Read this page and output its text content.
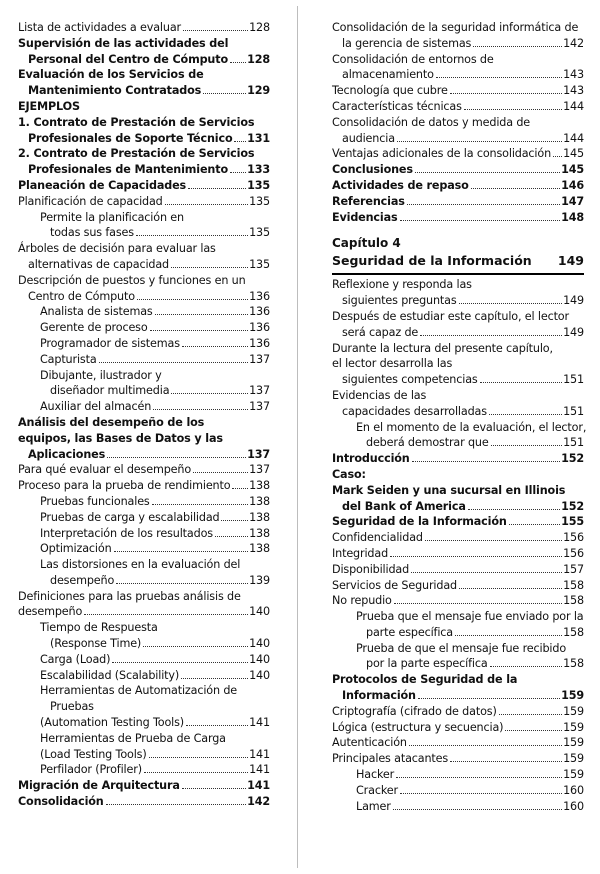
Lista de actividades a evaluar	128
Supervisión de las actividades del
Personal del Centro de Cómputo 128
Evaluación de los Servicios de
Mantenimiento Contratados	129
EJEMPLOS
1. Contrato de Prestación de Servicios
Profesionales de Soporte Técnico 131
2. Contrato de Prestación de Servicios
Profesionales de Mantenimiento 133
Planeación de Capacidades	135
Planificación de capacidad	135
Permite la planificación en
todas sus fases	135
Árboles de decisión para evaluar las
alternativas de capacidad	135
Descripción de puestos y funciones en un
Centro de Cómputo	136
Analista de sistemas	136
Gerente de proceso	136
Programador de sistemas	136
Capturista	137
Dibujante, ilustrador y
diseñador multimedia	137
Auxiliar del almacén	137
Análisis del desempeño de los
equipos, las Bases de Datos y las
Aplicaciones	137
Para qué evaluar el desempeño	137
Proceso para la prueba de rendimiento 138
Pruebas funcionales	138
Pruebas de carga y escalabilidad	138
Interpretación de los resultados	138
Optimización	138
Las distorsiones en la evaluación del
desempeño	139
Definiciones para las pruebas análisis de
desempeño	140
Tiempo de Respuesta
(Response Time)	140
Carga (Load)	140
Escalabilidad (Scalability)	140
Herramientas de Automatización de
Pruebas
(Automation Testing Tools)	141
Herramientas de Prueba de Carga
(Load Testing Tools)	141
Perfilador (Profiler)	141
Migración de Arquitectura	141
Consolidación	142
Consolidación de la seguridad informática de
la gerencia de sistemas	142
Consolidación de entornos de
almacenamiento	143
Tecnología que cubre	143
Características técnicas	144
Consolidación de datos y medida de
audiencia	144
Ventajas adicionales de la consolidación 145
Conclusiones	145
Actividades de repaso	146
Referencias	147
Evidencias	148
Capítulo 4
Seguridad de la Información 149
Reflexione y responda las
siguientes preguntas	149
Después de estudiar este capítulo, el lector
será capaz de	149
Durante la lectura del presente capítulo,
el lector desarrolla las
siguientes competencias	151
Evidencias de las
capacidades desarrolladas	151
En el momento de la evaluación, el lector,
deberá demostrar que	151
Introducción	152
Caso:
Mark Seiden y una sucursal en Illinois
del Bank of America	152
Seguridad de la Información	155
Confidencialidad	156
Integridad	156
Disponibilidad	157
Servicios de Seguridad	158
No repudio	158
Prueba que el mensaje fue enviado por la
parte específica	158
Prueba de que el mensaje fue recibido
por la parte específica	158
Protocolos de Seguridad de la
Información	159
Criptografía (cifrado de datos)	159
Lógica (estructura y secuencia)	159
Autenticación	159
Principales atacantes	159
Hacker	159
Cracker	160
Lamer	160
